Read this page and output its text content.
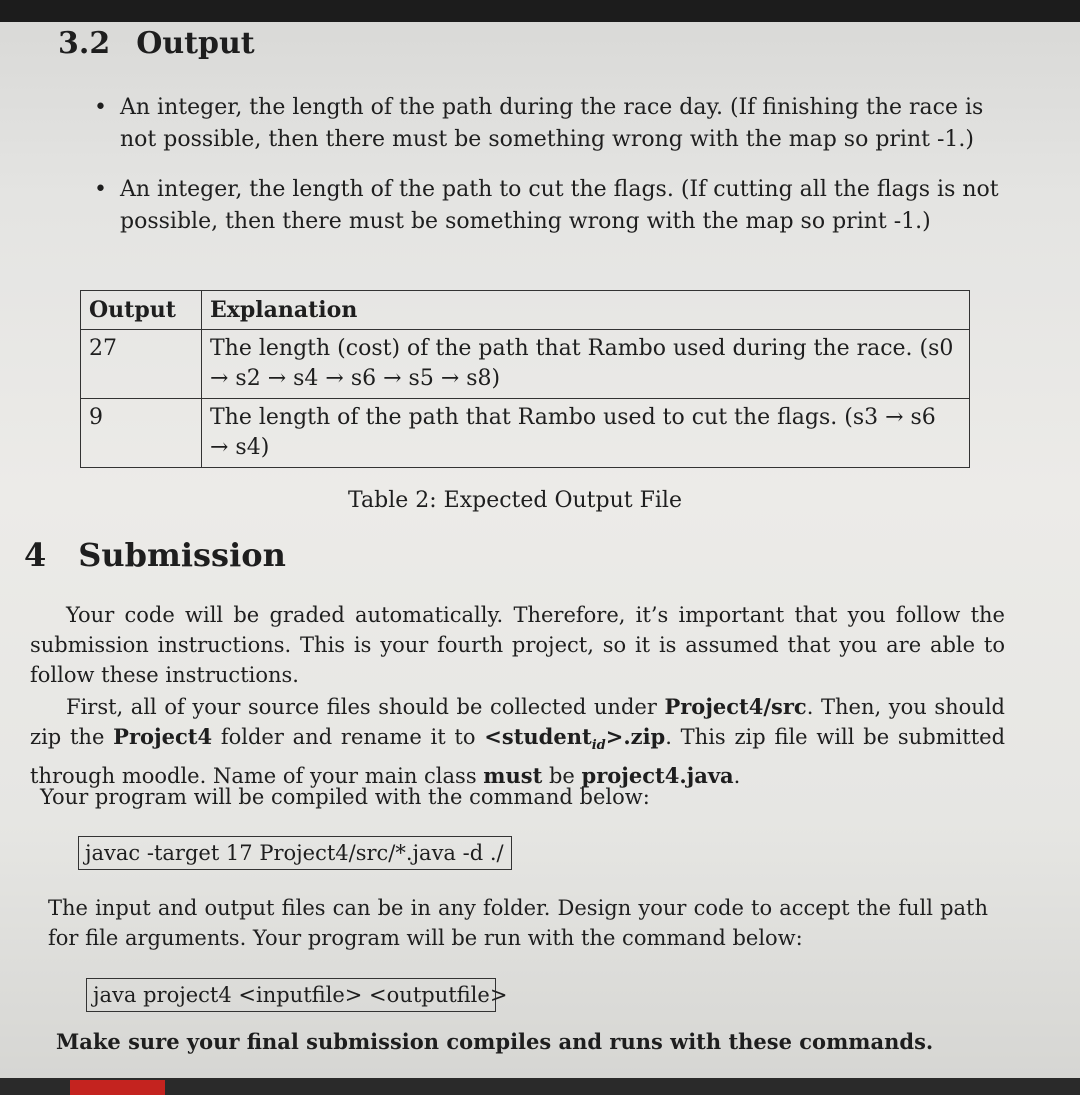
3.2 Output
• An integer, the length of the path during the race day. (If finishing the race is not possible, then there must be something wrong with the map so print -1.)
• An integer, the length of the path to cut the flags. (If cutting all the flags is not possible, then there must be something wrong with the map so print -1.)
Output	Explanation
27	The length (cost) of the path that Rambo used during the race. (s0 → s2 → s4 → s6 → s5 → s8)
9	The length of the path that Rambo used to cut the flags. (s3 → s6 → s4)
Table 2: Expected Output File
4 Submission
Your code will be graded automatically. Therefore, it’s important that you follow the submission instructions. This is your fourth project, so it is assumed that you are able to follow these instructions.
First, all of your source files should be collected under Project4/src. Then, you should zip the Project4 folder and rename it to <student$_{id}$>.zip. This zip file will be submitted through moodle. Name of your main class must be project4.java.
Your program will be compiled with the command below:
javac -target 17 Project4/src/*.java -d ./
The input and output files can be in any folder. Design your code to accept the full path for file arguments. Your program will be run with the command below:
java project4 <inputfile> <outputfile>
Make sure your final submission compiles and runs with these commands.
